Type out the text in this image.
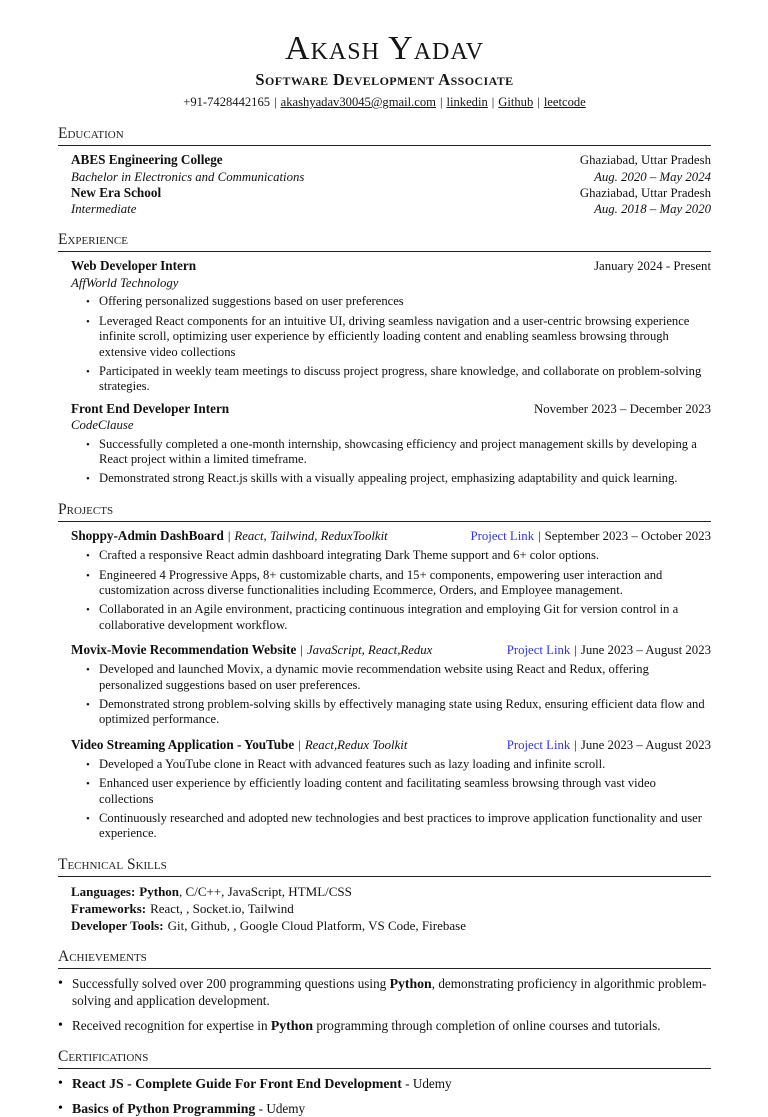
Akash Yadav
Software Development Associate
+91-7428442165 | akashyadav30045@gmail.com | linkedin | Github | leetcode
Education
ABES Engineering College	Ghaziabad, Uttar Pradesh
Bachelor in Electronics and Communications	Aug. 2020 – May 2024
New Era School	Ghaziabad, Uttar Pradesh
Intermediate	Aug. 2018 – May 2020
Experience
Web Developer Intern	January 2024 - Present
AffWorld Technology
• Offering personalized suggestions based on user preferences
• Leveraged React components for an intuitive UI, driving seamless navigation and a user-centric browsing experience infinite scroll, optimizing user experience by efficiently loading content and enabling seamless browsing through extensive video collections
• Participated in weekly team meetings to discuss project progress, share knowledge, and collaborate on problem-solving strategies.
Front End Developer Intern	November 2023 – December 2023
CodeClause
• Successfully completed a one-month internship, showcasing efficiency and project management skills by developing a React project within a limited timeframe.
• Demonstrated strong React.js skills with a visually appealing project, emphasizing adaptability and quick learning.
Projects
Shoppy-Admin DashBoard | React, Tailwind, ReduxToolkit	Project Link | September 2023 – October 2023
• Crafted a responsive React admin dashboard integrating Dark Theme support and 6+ color options.
• Engineered 4 Progressive Apps, 8+ customizable charts, and 15+ components, empowering user interaction and customization across diverse functionalities including Ecommerce, Orders, and Employee management.
• Collaborated in an Agile environment, practicing continuous integration and employing Git for version control in a collaborative development workflow.
Movix-Movie Recommendation Website | JavaScript, React,Redux	Project Link | June 2023 – August 2023
• Developed and launched Movix, a dynamic movie recommendation website using React and Redux, offering personalized suggestions based on user preferences.
• Demonstrated strong problem-solving skills by effectively managing state using Redux, ensuring efficient data flow and optimized performance.
Video Streaming Application - YouTube | React,Redux Toolkit	Project Link | June 2023 – August 2023
• Developed a YouTube clone in React with advanced features such as lazy loading and infinite scroll.
• Enhanced user experience by efficiently loading content and facilitating seamless browsing through vast video collections
• Continuously researched and adopted new technologies and best practices to improve application functionality and user experience.
Technical Skills
Languages: Python, C/C++, JavaScript, HTML/CSS
Frameworks: React, , Socket.io, Tailwind
Developer Tools: Git, Github, , Google Cloud Platform, VS Code, Firebase
Achievements
• Successfully solved over 200 programming questions using Python, demonstrating proficiency in algorithmic problem-solving and application development.
• Received recognition for expertise in Python programming through completion of online courses and tutorials.
Certifications
• React JS - Complete Guide For Front End Development - Udemy
• Basics of Python Programming - Udemy
